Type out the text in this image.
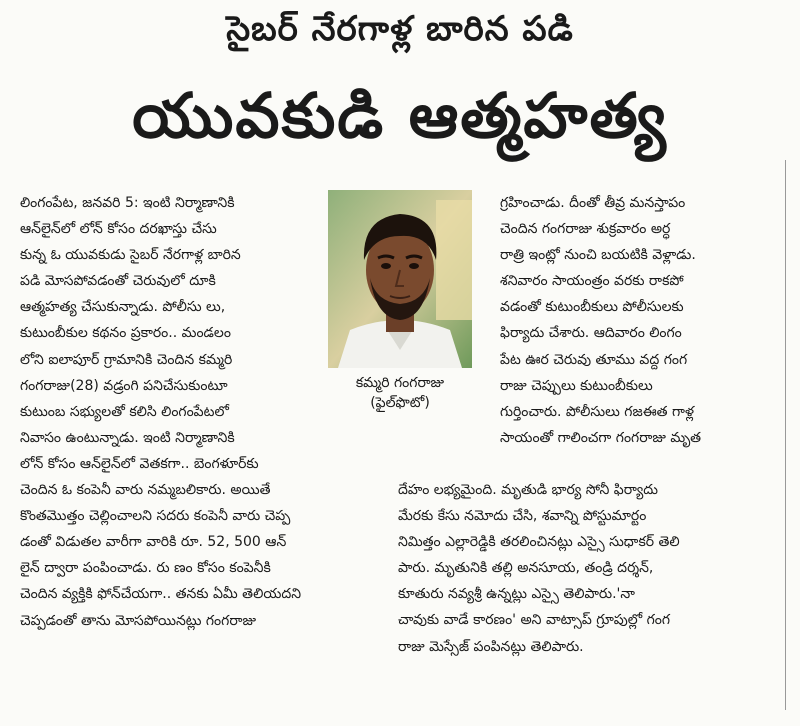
సైబర్ నేరగాళ్ల బారిన పడి
యువకుడి ఆత్మహత్య
లింగంపేట, జనవరి 5: ఇంటి నిర్మాణానికి
ఆన్‌లైన్‌లో లోన్ కోసం దరఖాస్తు చేసు
కున్న ఓ యువకుడు సైబర్ నేరగాళ్ల బారిన
పడి మోసపోవడంతో చెరువులో దూకి
ఆత్మహత్య చేసుకున్నాడు. పోలీసు లు,
కుటుంబీకుల కథనం ప్రకారం.. మండలం
లోని ఐలాపూర్ గ్రామానికి చెందిన కమ్మరి
గంగరాజు(28) వడ్రంగి పనిచేసుకుంటూ
కుటుంబ సభ్యులతో కలిసి లింగంపేటలో
నివాసం ఉంటున్నాడు. ఇంటి నిర్మాణానికి
లోన్ కోసం ఆన్‌లైన్‌లో వెతకగా.. బెంగళూర్‌కు
చెందిన ఓ కంపెనీ వారు నమ్మబలికారు. అయితే
కొంతమొత్తం చెల్లించాలని సదరు కంపెనీ వారు చెప్ప
డంతో విడుతల వారీగా వారికి రూ. 52, 500 ఆన్
లైన్ ద్వారా పంపించాడు. రు ణం కోసం కంపెనీకి
చెందిన వ్యక్తికి ఫోన్‌చేయగా.. తనకు ఏమీ తెలియదని
చెప్పడంతో తాను మోసపోయినట్లు గంగరాజు
కమ్మరి గంగరాజు
(ఫైల్‌ఫొటో)
గ్రహించాడు. దీంతో తీవ్ర మనస్తాపం
చెందిన గంగరాజు శుక్రవారం అర్ధ
రాత్రి ఇంట్లో నుంచి బయటికి వెళ్లాడు.
శనివారం సాయంత్రం వరకు రాకపో
వడంతో కుటుంబీకులు పోలీసులకు
ఫిర్యాదు చేశారు. ఆదివారం లింగం
పేట ఊర చెరువు తూము వద్ద గంగ
రాజు చెప్పులు కుటుంబీకులు
గుర్తించారు. పోలీసులు గజఈత గాళ్ల
సాయంతో గాలించగా గంగరాజు మృత
దేహం లభ్యమైంది. మృతుడి భార్య సోనీ ఫిర్యాదు
మేరకు కేసు నమోదు చేసి, శవాన్ని పోస్టుమార్టం
నిమిత్తం ఎల్లారెడ్డికి తరలించినట్లు ఎస్సై సుధాకర్ తెలి
పారు. మృతునికి తల్లి అనసూయ, తండ్రి దర్శన్,
కూతురు నవ్యశ్రీ ఉన్నట్లు ఎస్సై తెలిపారు.'నా
చావుకు వాడే కారణం' అని వాట్సాప్ గ్రూపుల్లో గంగ
రాజు మెస్సేజ్ పంపినట్లు తెలిపారు.
